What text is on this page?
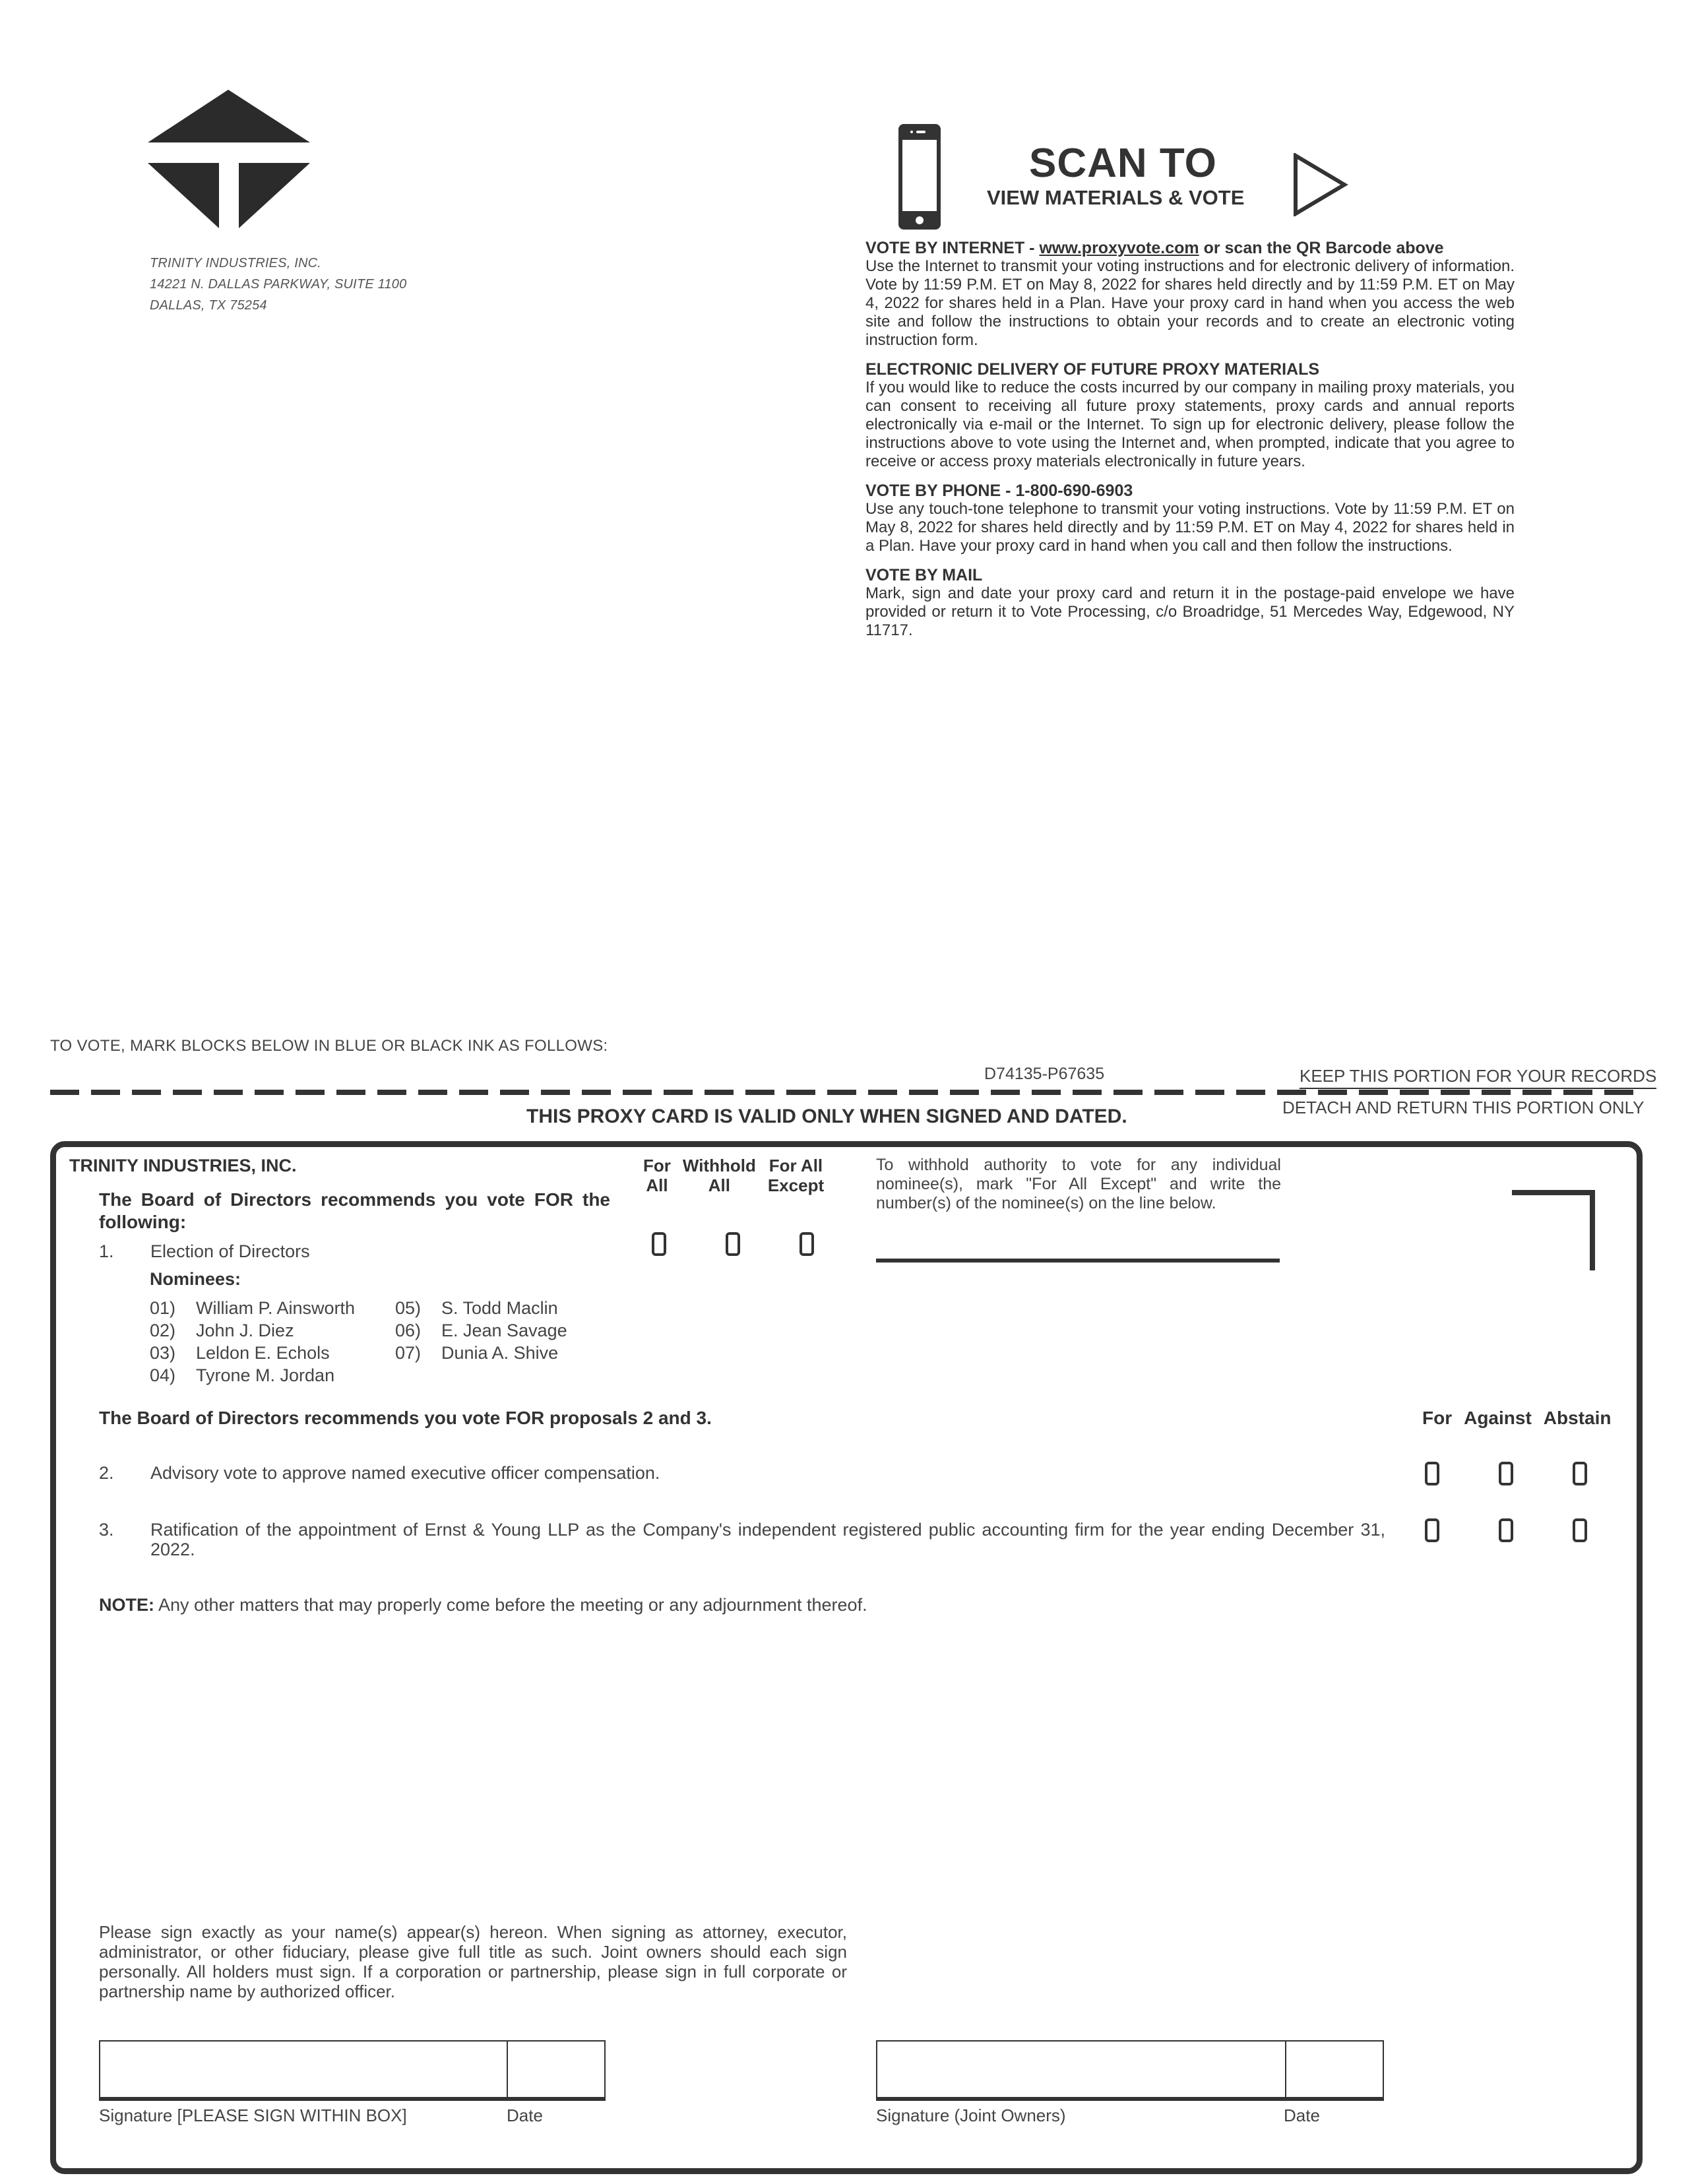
TRINITY INDUSTRIES, INC.
14221 N. DALLAS PARKWAY, SUITE 1100
DALLAS, TX 75254
SCAN TO
VIEW MATERIALS & VOTE
VOTE BY INTERNET - www.proxyvote.com or scan the QR Barcode above
Use the Internet to transmit your voting instructions and for electronic delivery of information. Vote by 11:59 P.M. ET on May 8, 2022 for shares held directly and by 11:59 P.M. ET on May 4, 2022 for shares held in a Plan. Have your proxy card in hand when you access the web site and follow the instructions to obtain your records and to create an electronic voting instruction form.
ELECTRONIC DELIVERY OF FUTURE PROXY MATERIALS
If you would like to reduce the costs incurred by our company in mailing proxy materials, you can consent to receiving all future proxy statements, proxy cards and annual reports electronically via e-mail or the Internet. To sign up for electronic delivery, please follow the instructions above to vote using the Internet and, when prompted, indicate that you agree to receive or access proxy materials electronically in future years.
VOTE BY PHONE - 1-800-690-6903
Use any touch-tone telephone to transmit your voting instructions. Vote by 11:59 P.M. ET on May 8, 2022 for shares held directly and by 11:59 P.M. ET on May 4, 2022 for shares held in a Plan. Have your proxy card in hand when you call and then follow the instructions.
VOTE BY MAIL
Mark, sign and date your proxy card and return it in the postage-paid envelope we have provided or return it to Vote Processing, c/o Broadridge, 51 Mercedes Way, Edgewood, NY 11717.
TO VOTE, MARK BLOCKS BELOW IN BLUE OR BLACK INK AS FOLLOWS:
D74135-P67635	KEEP THIS PORTION FOR YOUR RECORDS
THIS PROXY CARD IS VALID ONLY WHEN SIGNED AND DATED.	DETACH AND RETURN THIS PORTION ONLY
TRINITY INDUSTRIES, INC.	For
All
Withhold
All
For All
Except
The Board of Directors recommends you vote FOR the following:
1. Election of Directors
Nominees:
01) William P. Ainsworth
02) John J. Diez
03) Leldon E. Echols
04) Tyrone M. Jordan
05) S. Todd Maclin
06) E. Jean Savage
07) Dunia A. Shive
To withhold authority to vote for any individual nominee(s), mark "For All Except" and write the number(s) of the nominee(s) on the line below.
The Board of Directors recommends you vote FOR proposals 2 and 3.	For Against Abstain
2. Advisory vote to approve named executive officer compensation.
3. Ratification of the appointment of Ernst & Young LLP as the Company's independent registered public accounting firm for the year ending December 31, 2022.
NOTE: Any other matters that may properly come before the meeting or any adjournment thereof.
Please sign exactly as your name(s) appear(s) hereon. When signing as attorney, executor, administrator, or other fiduciary, please give full title as such. Joint owners should each sign personally. All holders must sign. If a corporation or partnership, please sign in full corporate or partnership name by authorized officer.
Signature [PLEASE SIGN WITHIN BOX]	Date	Signature (Joint Owners)	Date
